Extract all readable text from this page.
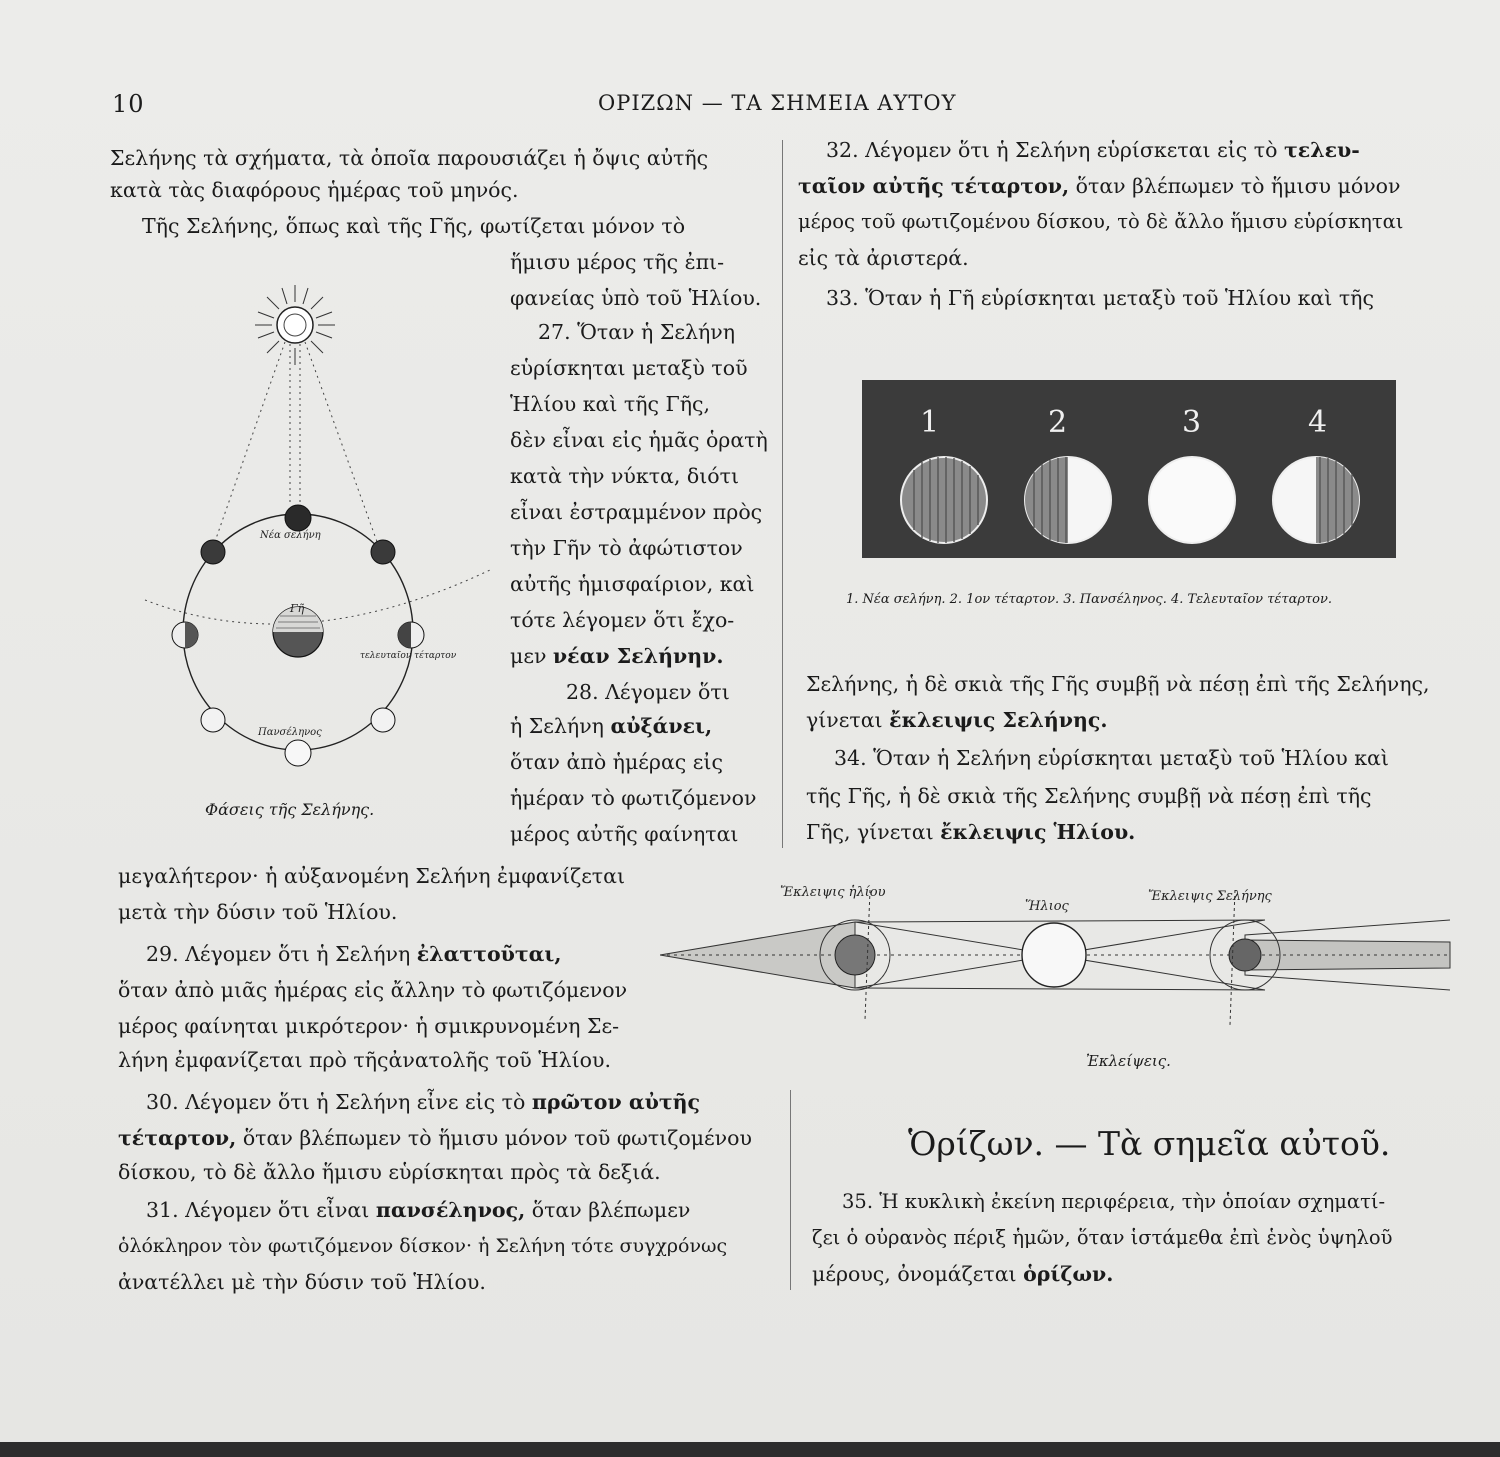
10	ΟΡΙΖΩΝ — ΤΑ ΣΗΜΕΙΑ ΑΥΤΟΥ
Σελήνης τὰ σχήματα, τὰ ὁποῖα παρουσιάζει ἡ ὄψις αὐτῆς
κατὰ τὰς διαφόρους ἡμέρας τοῦ μηνός.
Τῆς Σελήνης, ὅπως καὶ τῆς Γῆς, φωτίζεται μόνον τὸ
ἥμισυ μέρος τῆς ἐπι-
φανείας ὑπὸ τοῦ Ἡλίου.
27. Ὅταν ἡ Σελήνη
εὑρίσκηται μεταξὺ τοῦ
Ἡλίου καὶ τῆς Γῆς,
δὲν εἶναι εἰς ἡμᾶς ὁρατὴ
κατὰ τὴν νύκτα, διότι
εἶναι ἐστραμμένον πρὸς
τὴν Γῆν τὸ ἀφώτιστον
αὐτῆς ἡμισφαίριον, καὶ
τότε λέγομεν ὅτι ἔχο-
μεν νέαν Σελήνην.
28. Λέγομεν ὅτι
ἡ Σελήνη αὐξάνει,
ὅταν ἀπὸ ἡμέρας εἰς
ἡμέραν τὸ φωτιζόμενον
μέρος αὐτῆς φαίνηται
Νέα σελήνη
Γῆ
τελευταῖον τέταρτον
Πανσέληνος
Φάσεις τῆς Σελήνης.
μεγαλήτερον· ἡ αὐξανομένη Σελήνη ἐμφανίζεται
μετὰ τὴν δύσιν τοῦ Ἡλίου.
29. Λέγομεν ὅτι ἡ Σελήνη ἐλαττοῦται,
ὅταν ἀπὸ μιᾶς ἡμέρας εἰς ἄλλην τὸ φωτιζόμενον
μέρος φαίνηται μικρότερον· ἡ σμικρυνομένη Σε-
λήνη ἐμφανίζεται πρὸ τῆςἀνατολῆς τοῦ Ἡλίου.
30. Λέγομεν ὅτι ἡ Σελήνη εἶνε εἰς τὸ πρῶτον αὐτῆς
τέταρτον, ὅταν βλέπωμεν τὸ ἥμισυ μόνον τοῦ φωτιζομένου
δίσκου, τὸ δὲ ἄλλο ἥμισυ εὑρίσκηται πρὸς τὰ δεξιά.
31. Λέγομεν ὅτι εἶναι πανσέληνος, ὅταν βλέπωμεν
ὁλόκληρον τὸν φωτιζόμενον δίσκον· ἡ Σελήνη τότε συγχρόνως
ἀνατέλλει μὲ τὴν δύσιν τοῦ Ἡλίου.
32. Λέγομεν ὅτι ἡ Σελήνη εὑρίσκεται εἰς τὸ τελευ-
ταῖον αὐτῆς τέταρτον, ὅταν βλέπωμεν τὸ ἥμισυ μόνον
μέρος τοῦ φωτιζομένου δίσκου, τὸ δὲ ἄλλο ἥμισυ εὑρίσκηται
εἰς τὰ ἀριστερά.
33. Ὅταν ἡ Γῆ εὑρίσκηται μεταξὺ τοῦ Ἡλίου καὶ τῆς
1	2	3	4
1. Νέα σελήνη. 2. 1ον τέταρτον. 3. Πανσέληνος. 4. Τελευταῖον τέταρτον.
Σελήνης, ἡ δὲ σκιὰ τῆς Γῆς συμβῇ νὰ πέσῃ ἐπὶ τῆς Σελήνης,
γίνεται ἔκλειψις Σελήνης.
34. Ὅταν ἡ Σελήνη εὑρίσκηται μεταξὺ τοῦ Ἡλίου καὶ
τῆς Γῆς, ἡ δὲ σκιὰ τῆς Σελήνης συμβῇ νὰ πέσῃ ἐπὶ τῆς
Γῆς, γίνεται ἔκλειψις Ἡλίου.
Ἔκλειψις ἡλίου
Ἥλιος
Ἔκλειψις Σελήνης
Ἐκλείψεις.
Ὁρίζων. — Τὰ σημεῖα αὐτοῦ.
35. Ἡ κυκλικὴ ἐκείνη περιφέρεια, τὴν ὁποίαν σχηματί-
ζει ὁ οὐρανὸς πέριξ ἡμῶν, ὅταν ἱστάμεθα ἐπὶ ἑνὸς ὑψηλοῦ
μέρους, ὀνομάζεται ὁρίζων.
